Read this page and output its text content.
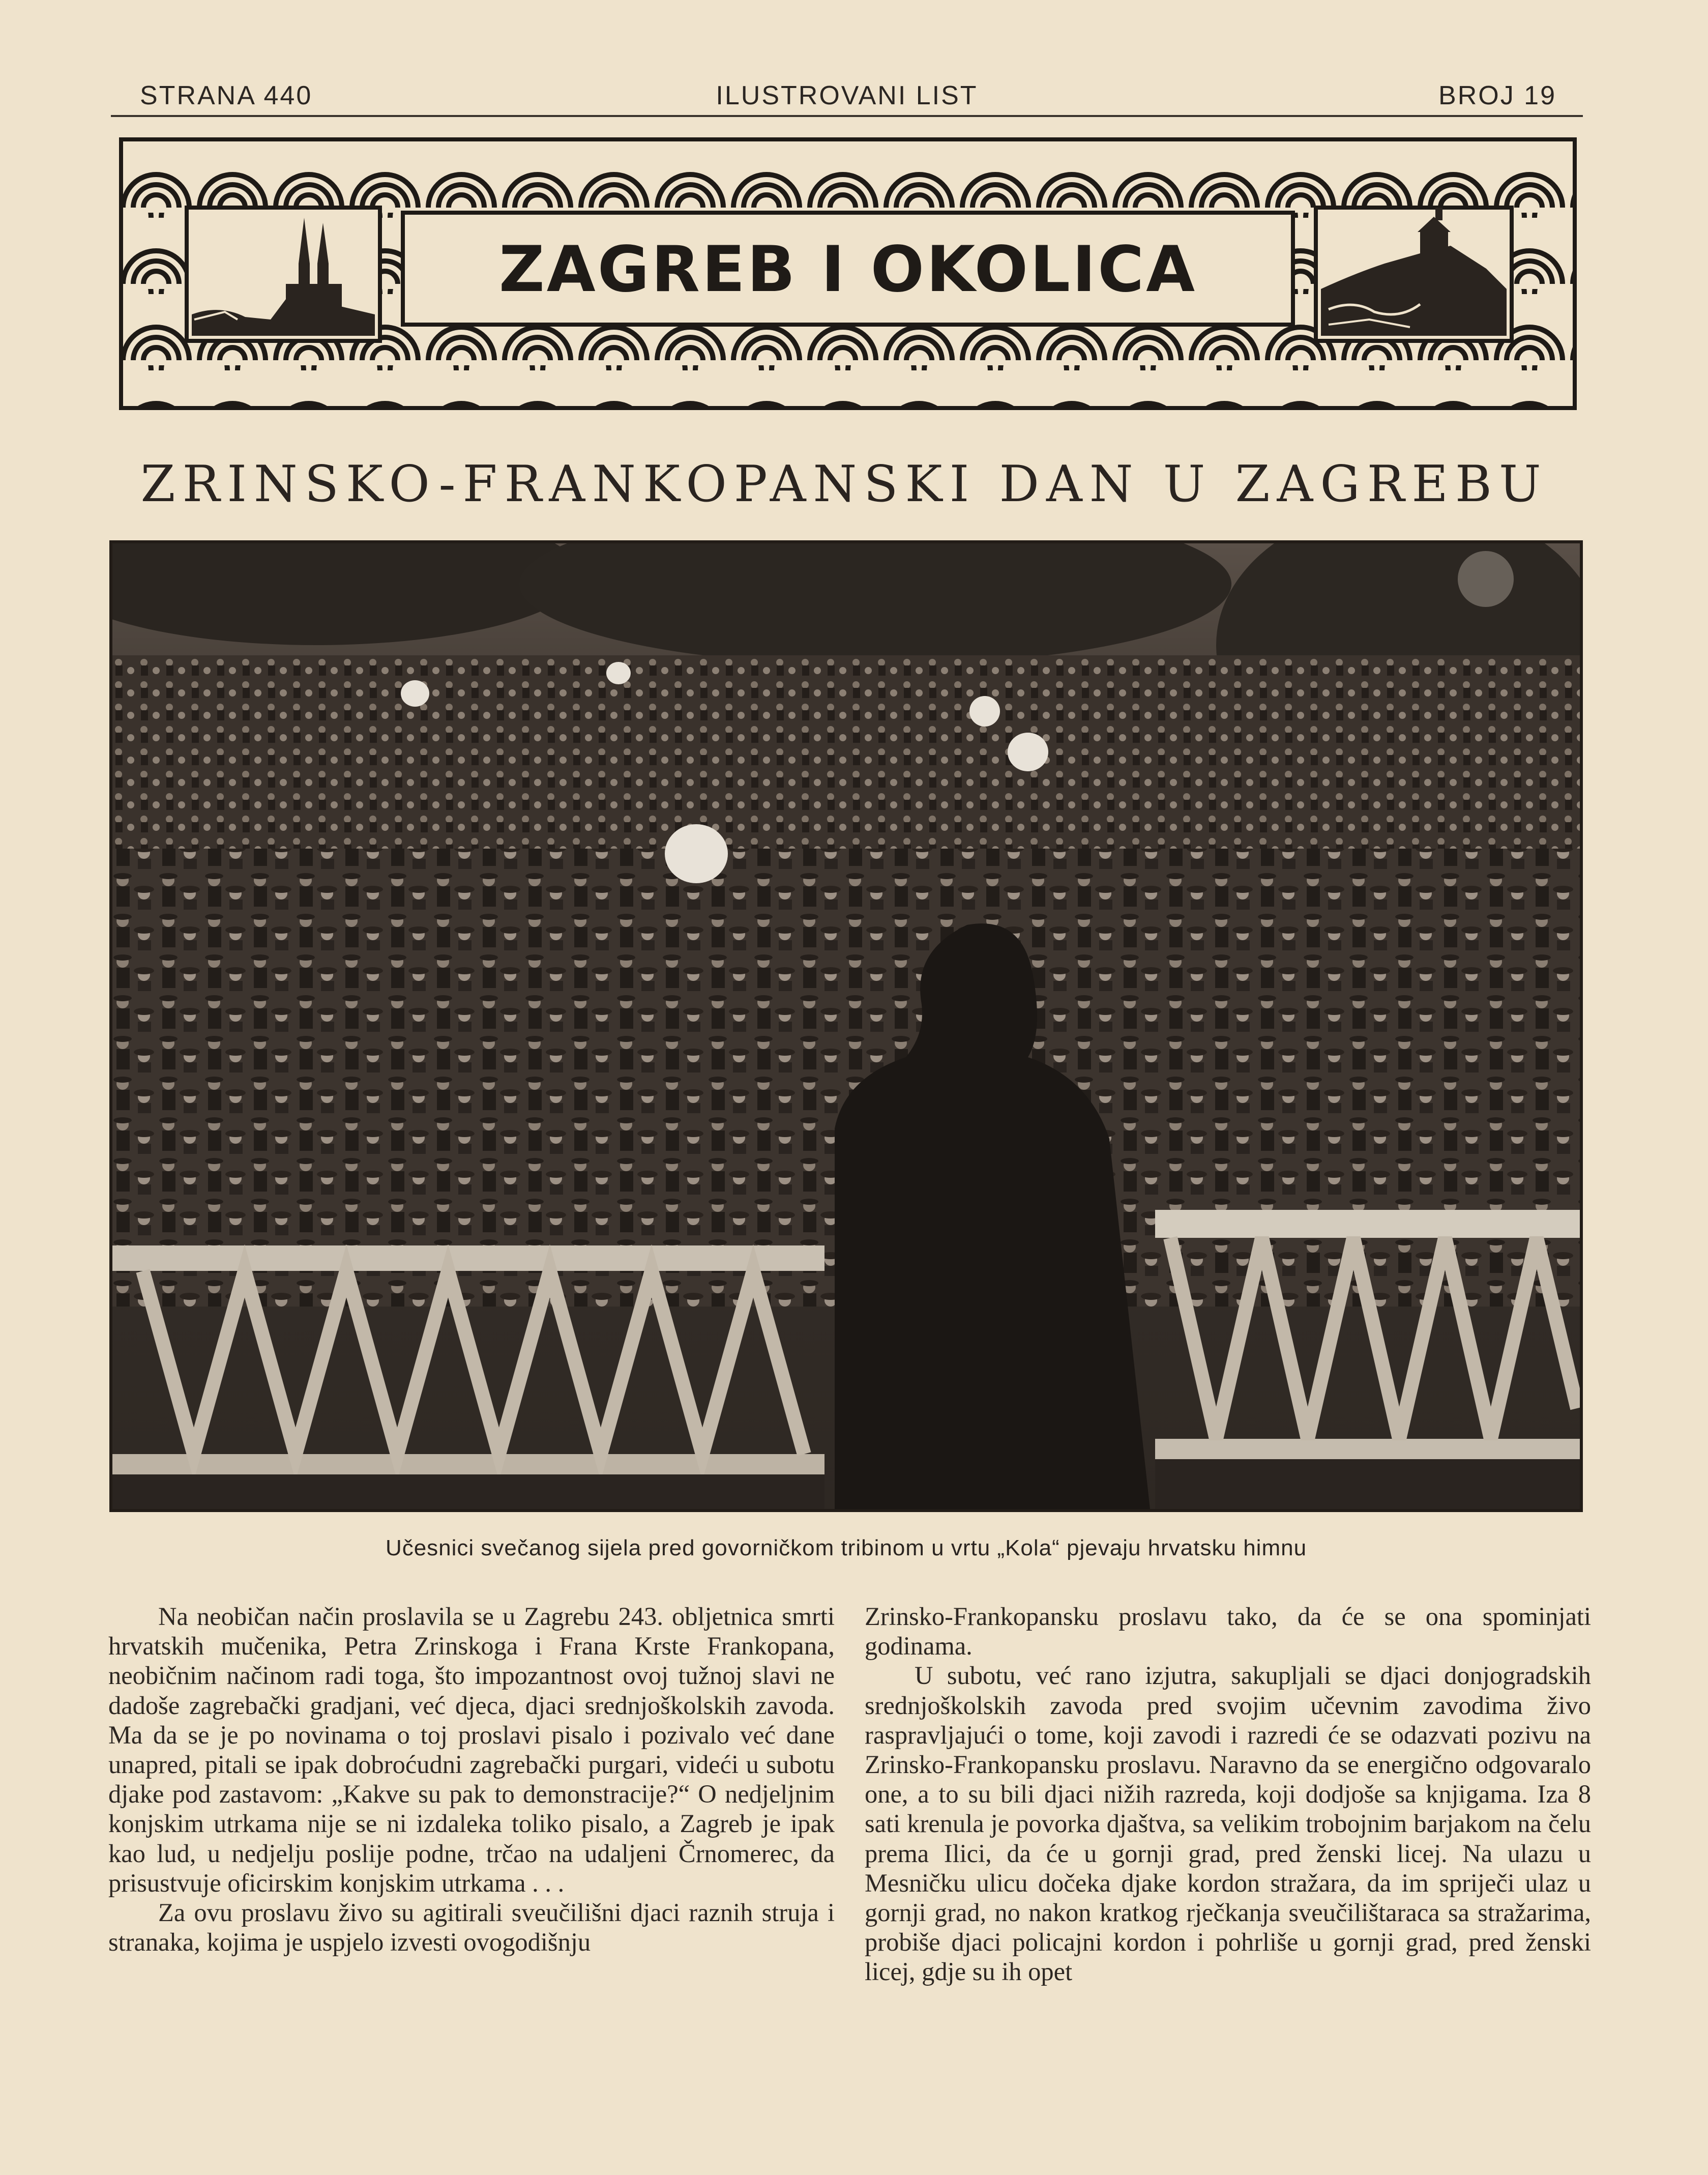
STRANA 440	ILUSTROVANI LIST	BROJ 19
ZAGREB I OKOLICA
ZRINSKO-FRANKOPANSKI DAN U ZAGREBU
Učesnici svečanog sijela pred govorničkom tribinom u vrtu „Kola“ pjevaju hrvatsku himnu

Na neobičan način proslavila se u Zagrebu 243. obljetnica smrti hrvatskih mučenika, Petra Zrinskoga i Frana Krste Frankopana, neobičnim načinom radi toga, što impozantnost ovoj tužnoj slavi ne dadoše zagrebački gradjani, već djeca, djaci srednjoškolskih zavoda. Ma da se je po novinama o toj proslavi pisalo i pozivalo već dane unapred, pitali se ipak dobroćudni zagrebački purgari, videći u subotu djake pod zastavom: „Kakve su pak to demonstracije?“ O nedjeljnim konjskim utrkama nije se ni izdaleka toliko pisalo, a Zagreb je ipak kao lud, u nedjelju poslije podne, trčao na udaljeni Črnomerec, da prisustvuje oficirskim konjskim utrkama . . .

Za ovu proslavu živo su agitirali sveučilišni djaci raznih struja i stranaka, kojima je uspjelo izvesti ovogodišnju

Zrinsko-Frankopansku proslavu tako, da će se ona spominjati godinama.

U subotu, već rano izjutra, sakupljali se djaci donjogradskih srednjoškolskih zavoda pred svojim učevnim zavodima živo raspravljajući o tome, koji zavodi i razredi će se odazvati pozivu na Zrinsko-Frankopansku proslavu. Naravno da se energično odgovaralo one, a to su bili djaci nižih razreda, koji dodjoše sa knjigama. Iza 8 sati krenula je povorka djaštva, sa velikim trobojnim barjakom na čelu prema Ilici, da će u gornji grad, pred ženski licej. Na ulazu u Mesničku ulicu dočeka djake kordon stražara, da im spriječi ulaz u gornji grad, no nakon kratkog rječkanja sveučilištaraca sa stražarima, probiše djaci policajni kordon i pohrliše u gornji grad, pred ženski licej, gdje su ih opet
